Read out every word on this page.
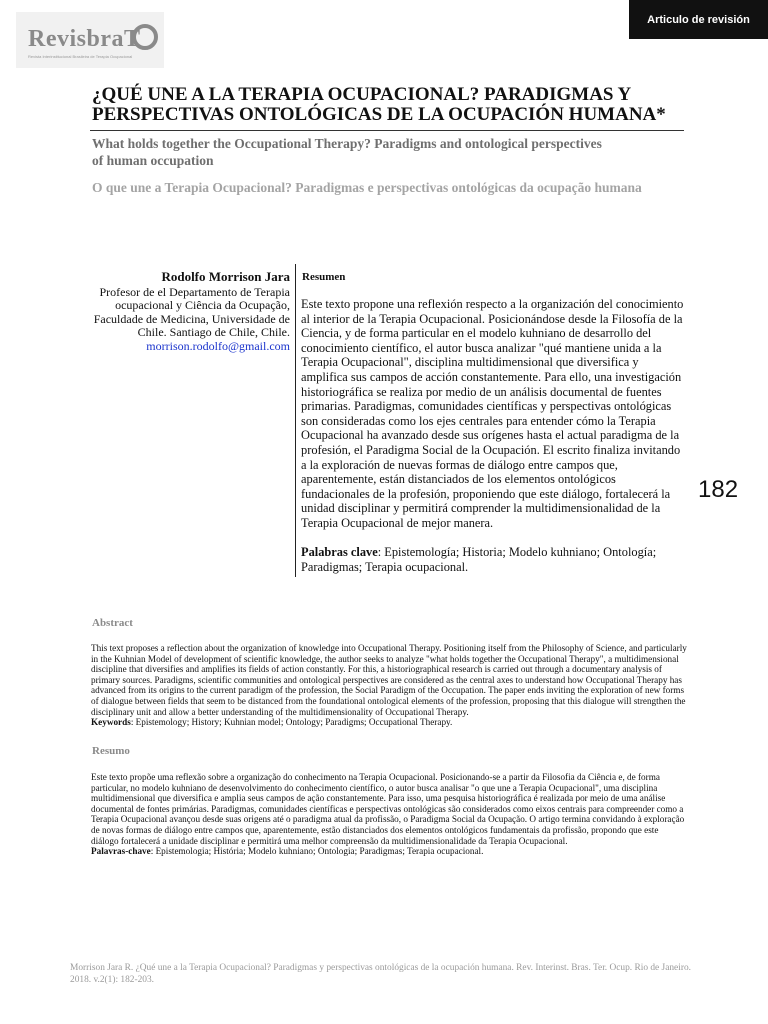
RevisbraT
Revista Interinstitucional Brasileira de Terapia Ocupacional
Articulo de revisión
¿QUÉ UNE A LA TERAPIA OCUPACIONAL? PARADIGMAS Y PERSPECTIVAS ONTOLÓGICAS DE LA OCUPACIÓN HUMANA*
What holds together the Occupational Therapy? Paradigms and ontological perspectives of human occupation
O que une a Terapia Ocupacional? Paradigmas e perspectivas ontológicas da ocupação humana
Rodolfo Morrison Jara
Profesor de el Departamento de Terapia ocupacional y Ciência da Ocupação, Faculdade de Medicina, Universidade de Chile. Santiago de Chile, Chile.
morrison.rodolfo@gmail.com
Resumen

Este texto propone una reflexión respecto a la organización del conocimiento al interior de la Terapia Ocupacional. Posicionándose desde la Filosofía de la Ciencia, y de forma particular en el modelo kuhniano de desarrollo del conocimiento científico, el autor busca analizar "qué mantiene unida a la Terapia Ocupacional", disciplina multidimensional que diversifica y amplifica sus campos de acción constantemente. Para ello, una investigación historiográfica se realiza por medio de un análisis documental de fuentes primarias. Paradigmas, comunidades científicas y perspectivas ontológicas son consideradas como los ejes centrales para entender cómo la Terapia Ocupacional ha avanzado desde sus orígenes hasta el actual paradigma de la profesión, el Paradigma Social de la Ocupación. El escrito finaliza invitando a la exploración de nuevas formas de diálogo entre campos que, aparentemente, están distanciados de los elementos ontológicos fundacionales de la profesión, proponiendo que este diálogo, fortalecerá la unidad disciplinar y permitirá comprender la multidimensionalidad de la Terapia Ocupacional de mejor manera.

Palabras clave: Epistemología; Historia; Modelo kuhniano; Ontología; Paradigmas; Terapia ocupacional.

182
Abstract

This text proposes a reflection about the organization of knowledge into Occupational Therapy. Positioning itself from the Philosophy of Science, and particularly in the Kuhnian Model of development of scientific knowledge, the author seeks to analyze "what holds together the Occupational Therapy", a multidimensional discipline that diversifies and amplifies its fields of action constantly. For this, a historiographical research is carried out through a documentary analysis of primary sources. Paradigms, scientific communities and ontological perspectives are considered as the central axes to understand how Occupational Therapy has advanced from its origins to the current paradigm of the profession, the Social Paradigm of the Occupation. The paper ends inviting the exploration of new forms of dialogue between fields that seem to be distanced from the foundational ontological elements of the profession, proposing that this dialogue will strengthen the disciplinary unit and allow a better understanding of the multidimensionality of Occupational Therapy.

Keywords: Epistemology; History; Kuhnian model; Ontology; Paradigms; Occupational Therapy.

Resumo

Este texto propõe uma reflexão sobre a organização do conhecimento na Terapia Ocupacional. Posicionando-se a partir da Filosofia da Ciência e, de forma particular, no modelo kuhniano de desenvolvimento do conhecimento científico, o autor busca analisar "o que une a Terapia Ocupacional", uma disciplina multidimensional que diversifica e amplia seus campos de ação constantemente. Para isso, uma pesquisa historiográfica é realizada por meio de uma análise documental de fontes primárias. Paradigmas, comunidades científicas e perspectivas ontológicas são considerados como eixos centrais para compreender como a Terapia Ocupacional avançou desde suas origens até o paradigma atual da profissão, o Paradigma Social da Ocupação. O artigo termina convidando à exploração de novas formas de diálogo entre campos que, aparentemente, estão distanciados dos elementos ontológicos fundamentais da profissão, propondo que este diálogo fortalecerá a unidade disciplinar e permitirá uma melhor compreensão da multidimensionalidade da Terapia Ocupacional.

Palavras-chave: Epistemologia; História; Modelo kuhniano; Ontologia; Paradigmas; Terapia ocupacional.

Morrison Jara R. ¿Qué une a la Terapia Ocupacional? Paradigmas y perspectivas ontológicas de la ocupación humana. Rev. Interinst. Bras. Ter. Ocup. Rio de Janeiro. 2018. v.2(1): 182-203.
